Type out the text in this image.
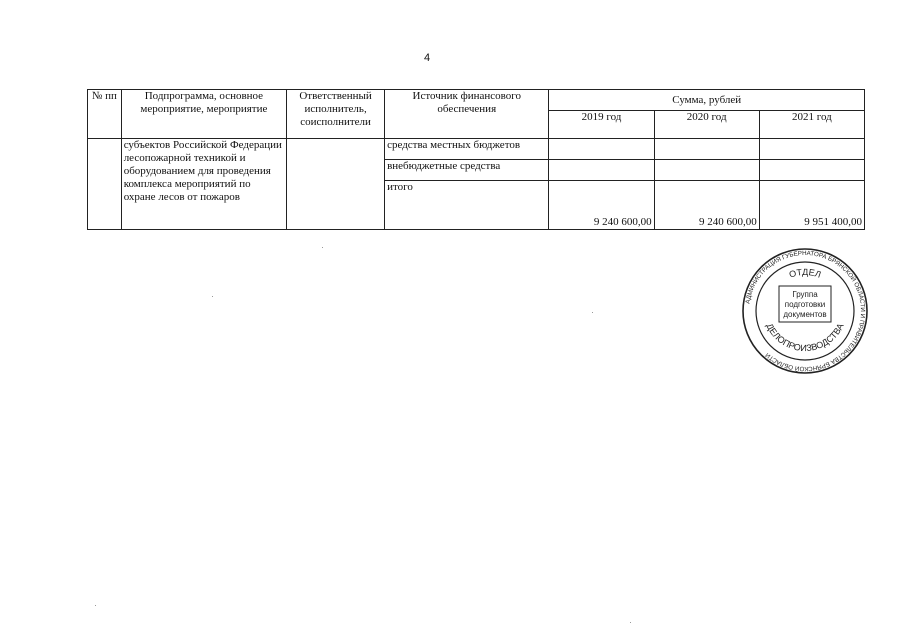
4
№ пп	Подпрограмма, основное мероприятие, мероприятие	Ответственный исполнитель, соисполнители	Источник финансового обеспечения	Сумма, рублей		
				2019 год	2020 год	2021 год
	субъектов Российской Федерации лесопожарной техникой и оборудованием для проведения комплекса мероприятий по охране лесов от пожаров		средства местных бюджетов			
			внебюджетные средства			
			итого	9 240 600,00	9 240 600,00	9 951 400,00
АДМИНИСТРАЦИЯ ГУБЕРНАТОРА БРЯНСКОЙ ОБЛАСТИ И ПРАВИТЕЛЬСТВА БРЯНСКОЙ ОБЛАСТИ
ОТДЕЛ
ДЕЛОПРОИЗВОДСТВА
Группа
подготовки
документов
